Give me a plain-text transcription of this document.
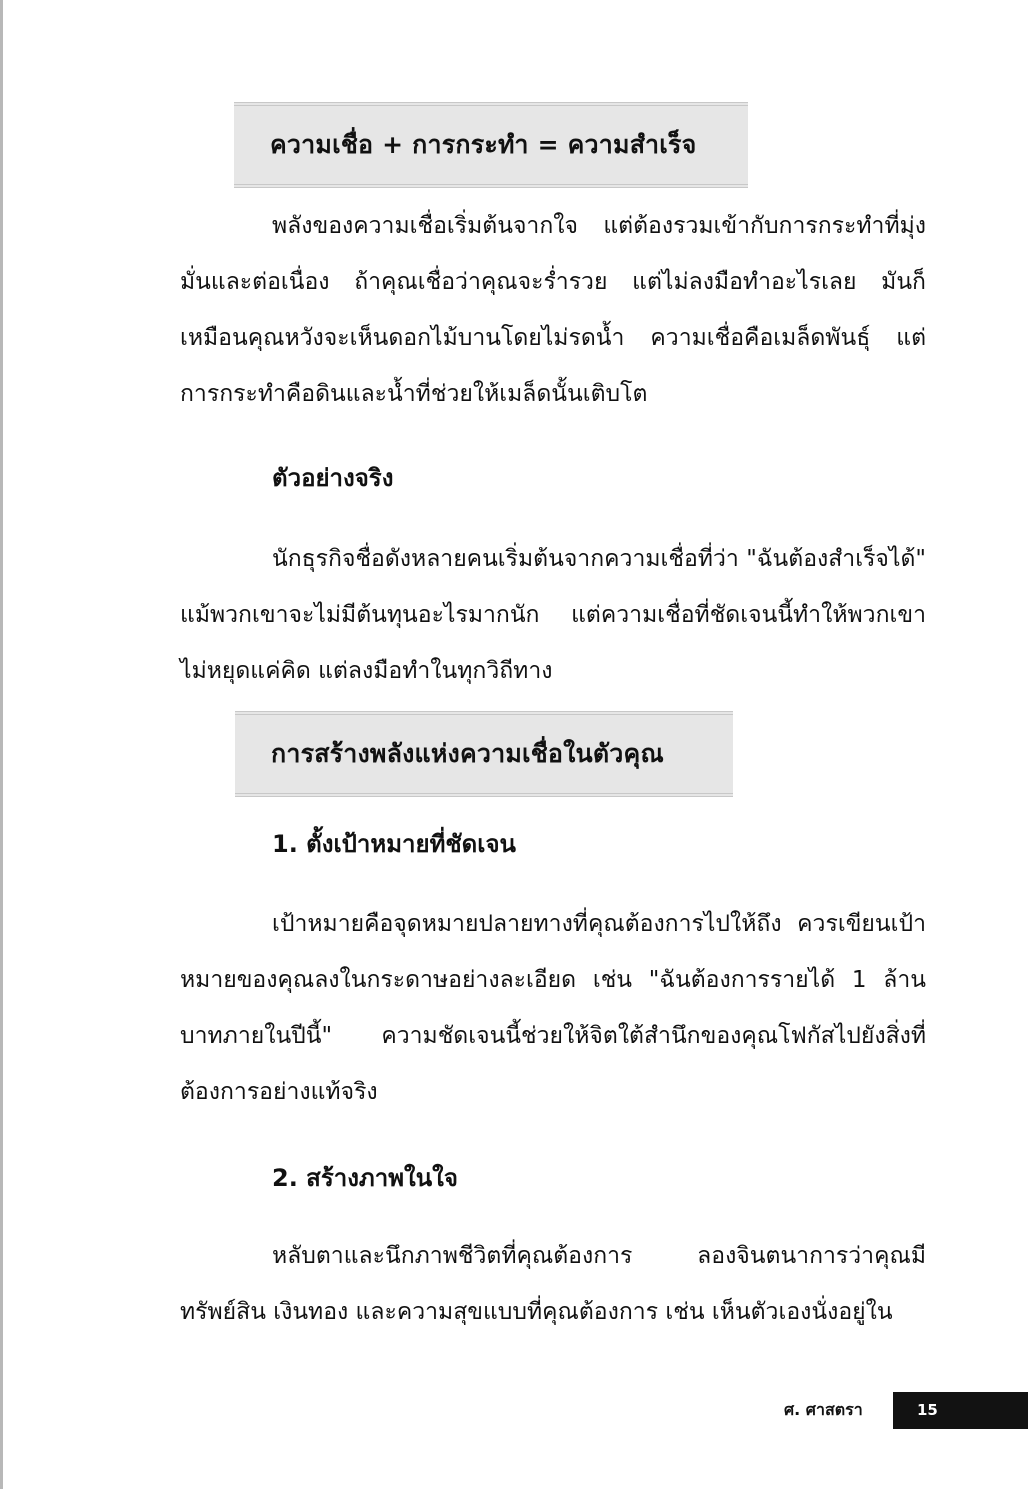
ความเชื่อ + การกระทำ = ความสำเร็จ

พลังของความเชื่อเริ่มต้นจากใจ แต่ต้องรวมเข้ากับการกระทำที่มุ่งมั่นและต่อเนื่อง ถ้าคุณเชื่อว่าคุณจะร่ำรวย แต่ไม่ลงมือทำอะไรเลย มันก็เหมือนคุณหวังจะเห็นดอกไม้บานโดยไม่รดน้ำ ความเชื่อคือเมล็ดพันธุ์ แต่การกระทำคือดินและน้ำที่ช่วยให้เมล็ดนั้นเติบโต

ตัวอย่างจริง

นักธุรกิจชื่อดังหลายคนเริ่มต้นจากความเชื่อที่ว่า "ฉันต้องสำเร็จได้" แม้พวกเขาจะไม่มีต้นทุนอะไรมากนัก แต่ความเชื่อที่ชัดเจนนี้ทำให้พวกเขาไม่หยุดแค่คิด แต่ลงมือทำในทุกวิถีทาง

การสร้างพลังแห่งความเชื่อในตัวคุณ
1. ตั้งเป้าหมายที่ชัดเจน

เป้าหมายคือจุดหมายปลายทางที่คุณต้องการไปให้ถึง ควรเขียนเป้าหมายของคุณลงในกระดาษอย่างละเอียด เช่น "ฉันต้องการรายได้ 1 ล้านบาทภายในปีนี้" ความชัดเจนนี้ช่วยให้จิตใต้สำนึกของคุณโฟกัสไปยังสิ่งที่ต้องการอย่างแท้จริง

2. สร้างภาพในใจ

หลับตาและนึกภาพชีวิตที่คุณต้องการ ลองจินตนาการว่าคุณมีทรัพย์สิน เงินทอง และความสุขแบบที่คุณต้องการ เช่น เห็นตัวเองนั่งอยู่ใน

ศ. ศาสตรา	15
